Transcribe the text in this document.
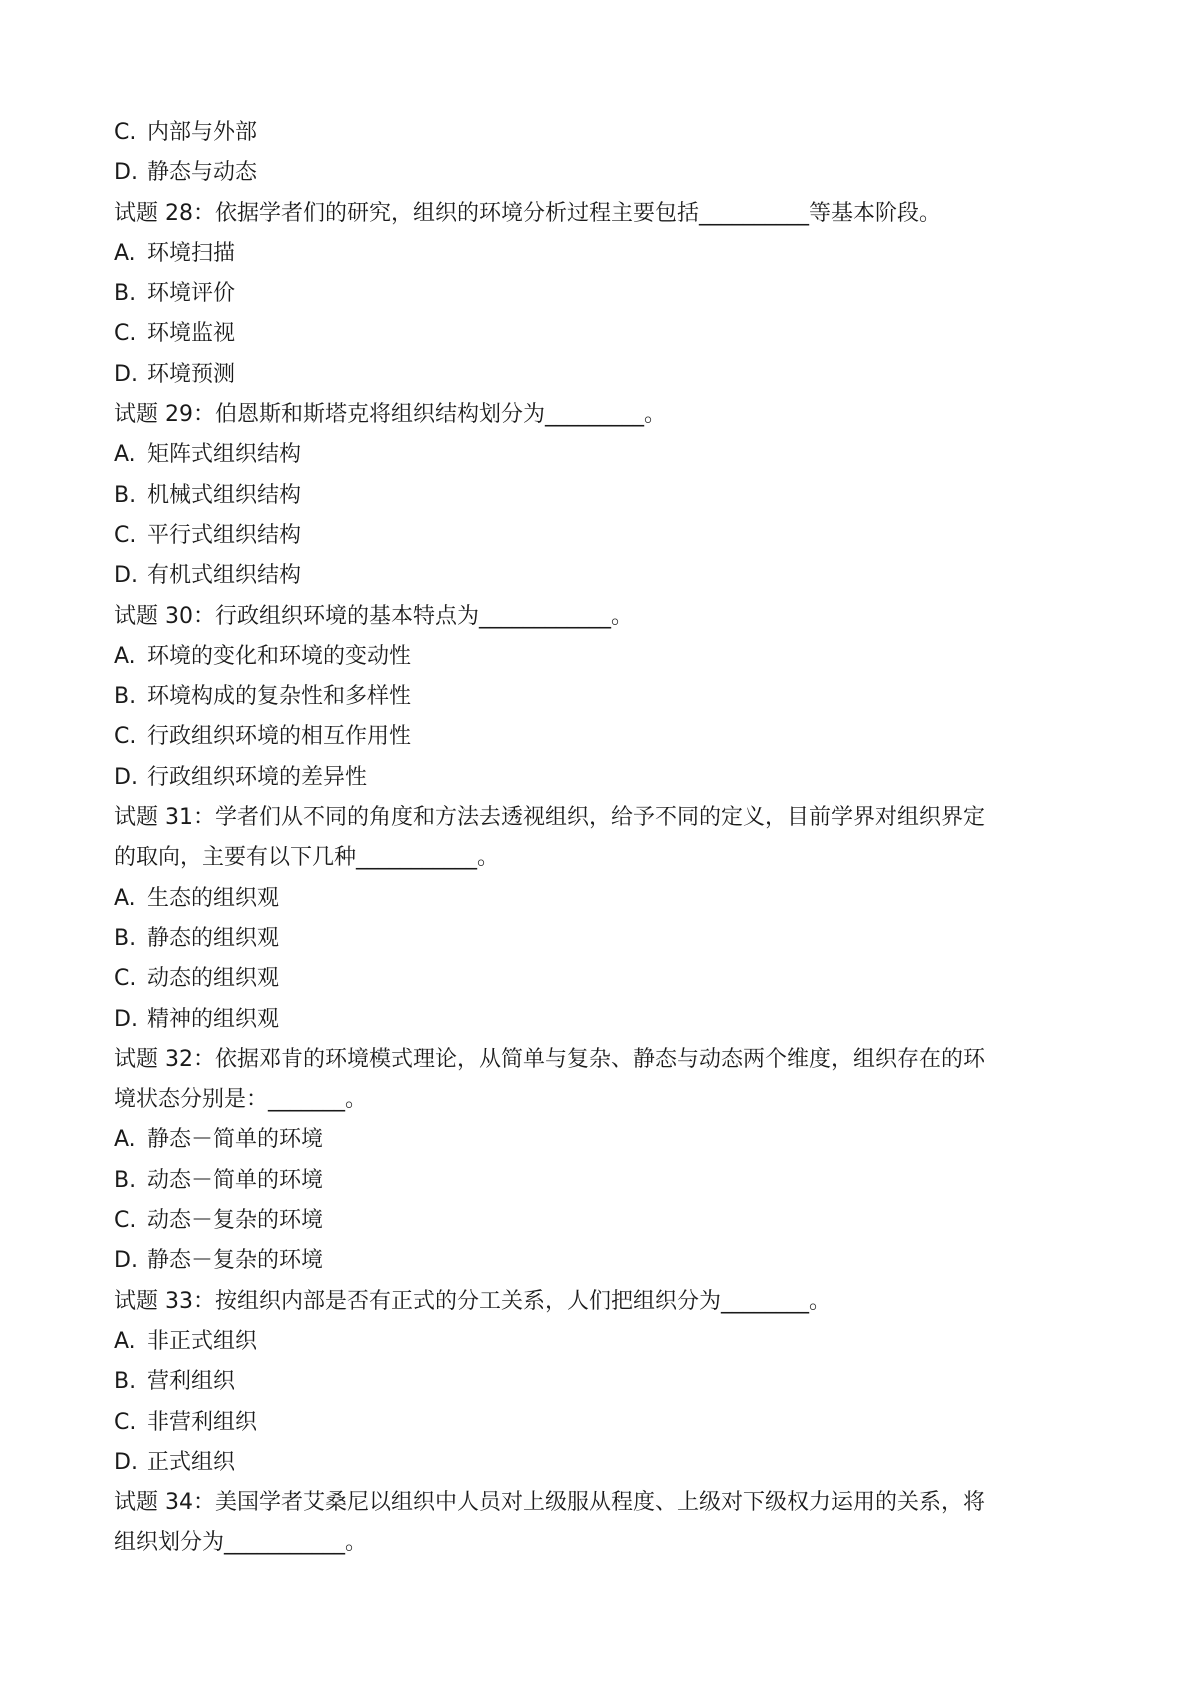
C. 内部与外部

D. 静态与动态

试题 28：依据学者们的研究，组织的环境分析过程主要包括__________等基本阶段。

A. 环境扫描

B. 环境评价

C. 环境监视

D. 环境预测

试题 29：伯恩斯和斯塔克将组织结构划分为_________。

A. 矩阵式组织结构

B. 机械式组织结构

C. 平行式组织结构

D. 有机式组织结构

试题 30：行政组织环境的基本特点为____________。

A. 环境的变化和环境的变动性

B. 环境构成的复杂性和多样性

C. 行政组织环境的相互作用性

D. 行政组织环境的差异性

试题 31：学者们从不同的角度和方法去透视组织，给予不同的定义，目前学界对组织界定

的取向，主要有以下几种___________。

A. 生态的组织观

B. 静态的组织观

C. 动态的组织观

D. 精神的组织观

试题 32：依据邓肯的环境模式理论，从简单与复杂、静态与动态两个维度，组织存在的环

境状态分别是：_______。

A. 静态－简单的环境

B. 动态－简单的环境

C. 动态－复杂的环境

D. 静态－复杂的环境

试题 33：按组织内部是否有正式的分工关系，人们把组织分为________。

A. 非正式组织

B. 营利组织

C. 非营利组织

D. 正式组织

试题 34：美国学者艾桑尼以组织中人员对上级服从程度、上级对下级权力运用的关系，将

组织划分为___________。
